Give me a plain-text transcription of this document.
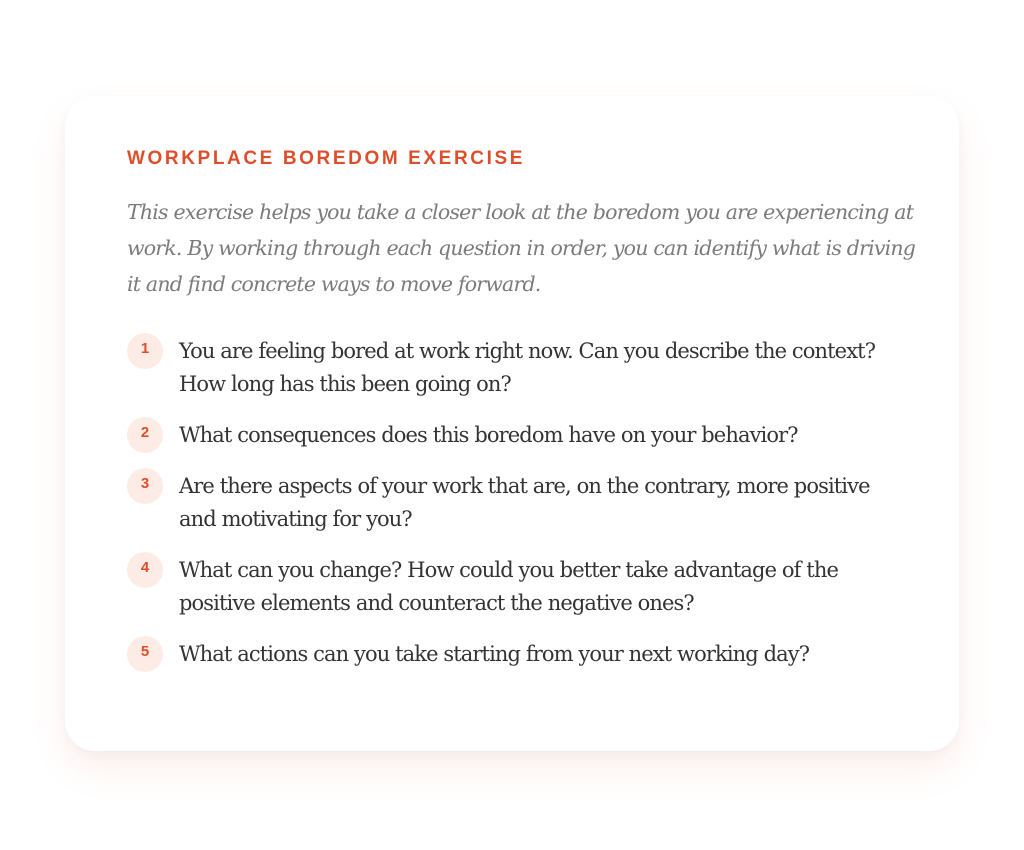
WORKPLACE BOREDOM EXERCISE

This exercise helps you take a closer look at the boredom you are experiencing at work. By working through each question in order, you can identify what is driving it and find concrete ways to move forward.

1	You are feeling bored at work right now. Can you describe the context? How long has this been going on?
2	What consequences does this boredom have on your behavior?
3	Are there aspects of your work that are, on the contrary, more positive and motivating for you?
4	What can you change? How could you better take advantage of the positive elements and counteract the negative ones?
5	What actions can you take starting from your next working day?
